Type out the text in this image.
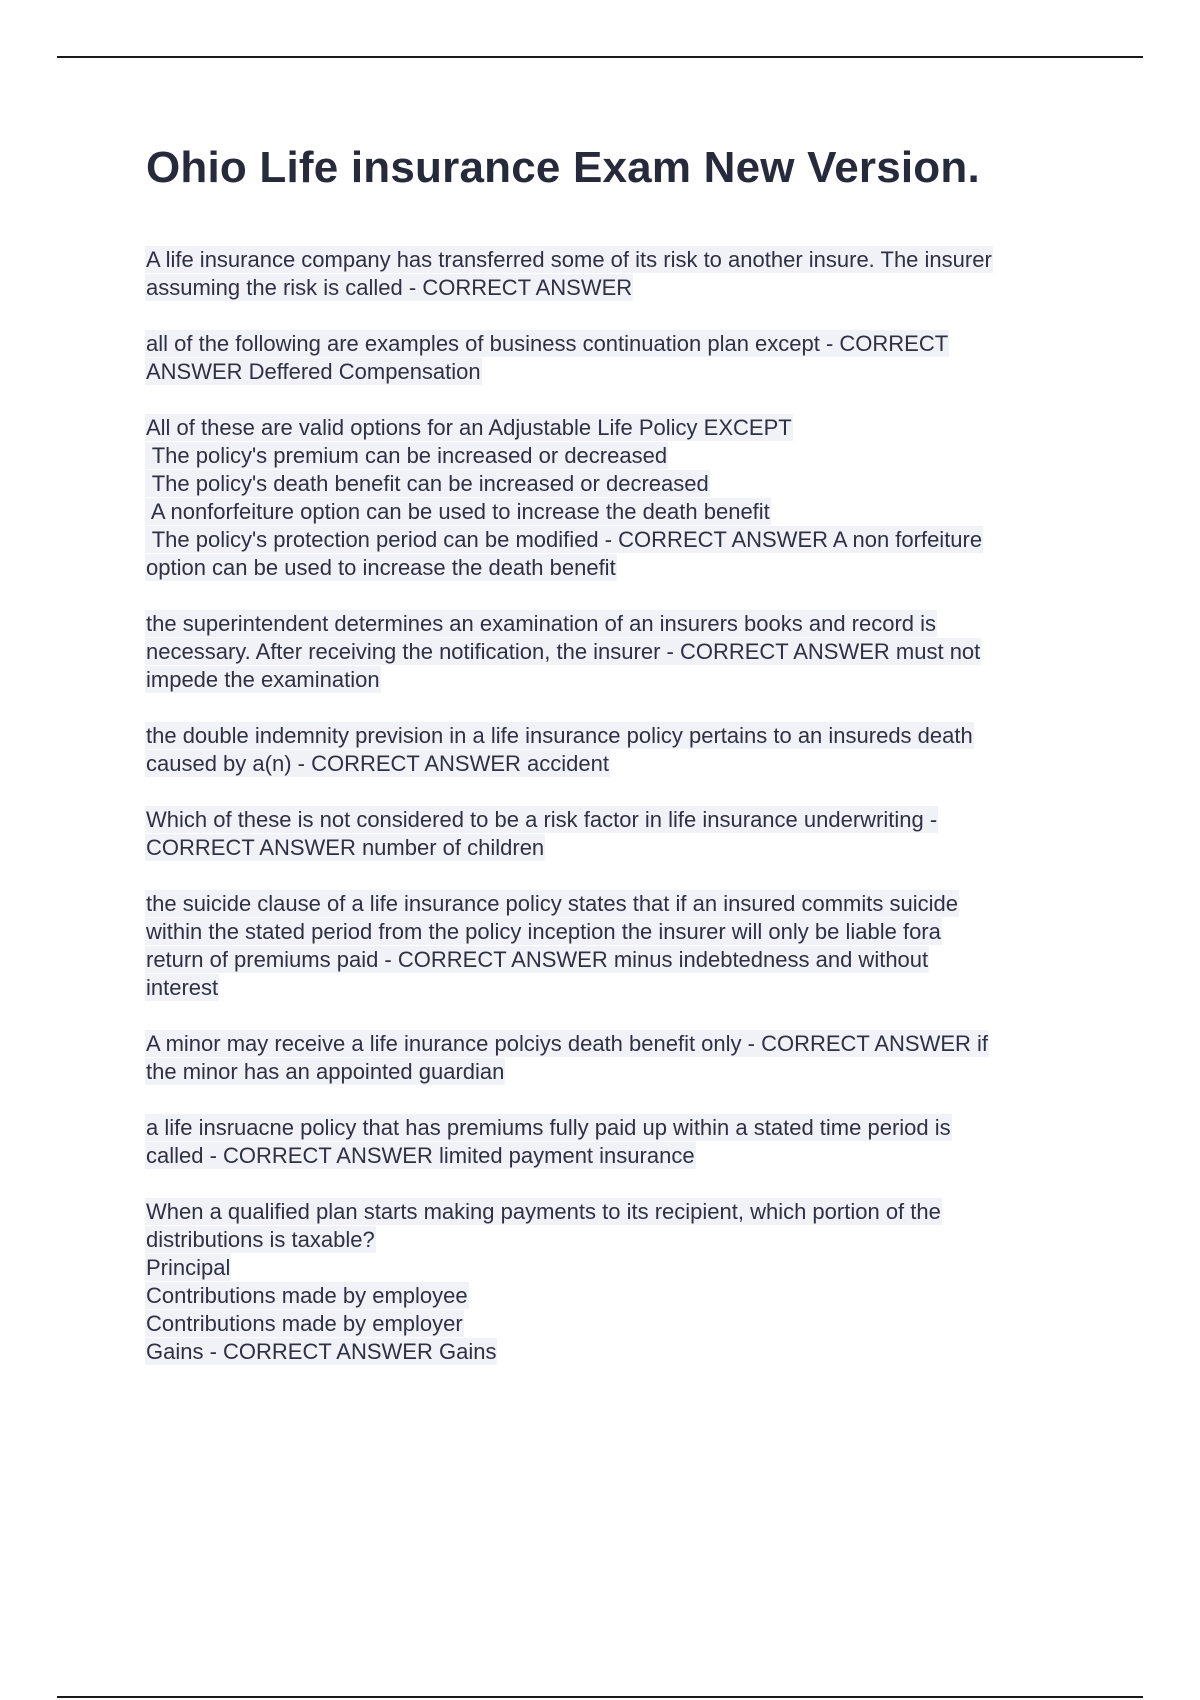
Ohio Life insurance Exam New Version.
A life insurance company has transferred some of its risk to another insure. The insurer
assuming the risk is called - CORRECT ANSWER
all of the following are examples of business continuation plan except - CORRECT
ANSWER Deffered Compensation
All of these are valid options for an Adjustable Life Policy EXCEPT
The policy's premium can be increased or decreased
The policy's death benefit can be increased or decreased
A nonforfeiture option can be used to increase the death benefit
The policy's protection period can be modified - CORRECT ANSWER A non forfeiture
option can be used to increase the death benefit
the superintendent determines an examination of an insurers books and record is
necessary. After receiving the notification, the insurer - CORRECT ANSWER must not
impede the examination
the double indemnity prevision in a life insurance policy pertains to an insureds death
caused by a(n) - CORRECT ANSWER accident
Which of these is not considered to be a risk factor in life insurance underwriting -
CORRECT ANSWER number of children
the suicide clause of a life insurance policy states that if an insured commits suicide
within the stated period from the policy inception the insurer will only be liable fora
return of premiums paid - CORRECT ANSWER minus indebtedness and without
interest
A minor may receive a life inurance polciys death benefit only - CORRECT ANSWER if
the minor has an appointed guardian
a life insruacne policy that has premiums fully paid up within a stated time period is
called - CORRECT ANSWER limited payment insurance
When a qualified plan starts making payments to its recipient, which portion of the
distributions is taxable?
Principal
Contributions made by employee
Contributions made by employer
Gains - CORRECT ANSWER Gains
